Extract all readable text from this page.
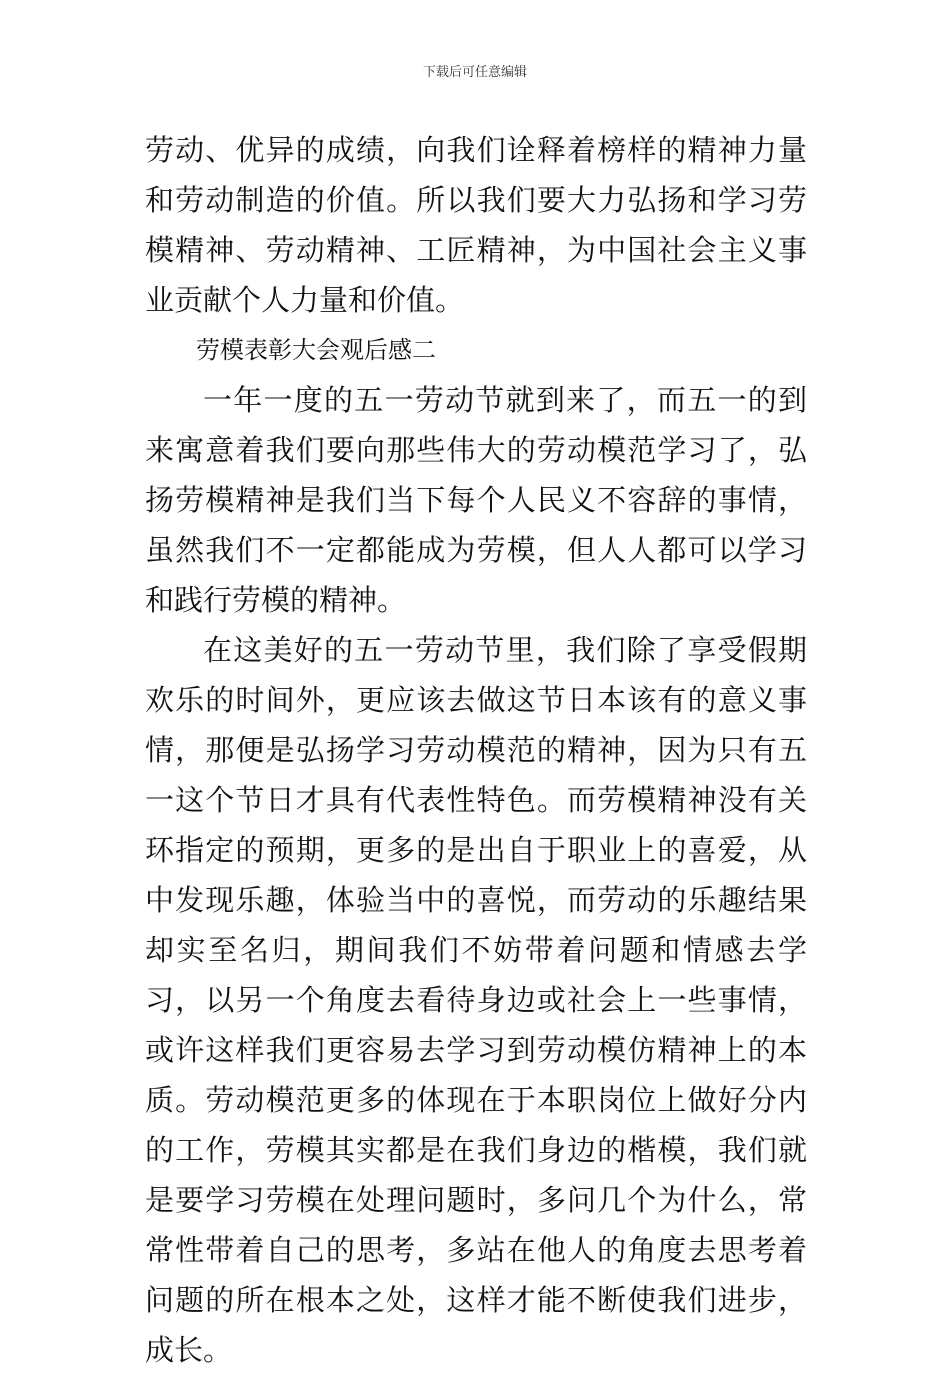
下载后可任意编辑

劳动、优异的成绩，向我们诠释着榜样的精神力量和劳动制造的价值。所以我们要大力弘扬和学习劳模精神、劳动精神、工匠精神，为中国社会主义事业贡献个人力量和价值。

劳模表彰大会观后感二

一年一度的五一劳动节就到来了，而五一的到来寓意着我们要向那些伟大的劳动模范学习了，弘扬劳模精神是我们当下每个人民义不容辞的事情，虽然我们不一定都能成为劳模，但人人都可以学习和践行劳模的精神。

在这美好的五一劳动节里，我们除了享受假期欢乐的时间外，更应该去做这节日本该有的意义事情，那便是弘扬学习劳动模范的精神，因为只有五一这个节日才具有代表性特色。而劳模精神没有关环指定的预期，更多的是出自于职业上的喜爱，从中发现乐趣，体验当中的喜悦，而劳动的乐趣结果却实至名归，期间我们不妨带着问题和情感去学习，以另一个角度去看待身边或社会上一些事情，或许这样我们更容易去学习到劳动模仿精神上的本质。劳动模范更多的体现在于本职岗位上做好分内的工作，劳模其实都是在我们身边的楷模，我们就是要学习劳模在处理问题时，多问几个为什么，常常性带着自己的思考，多站在他人的角度去思考着问题的所在根本之处，这样才能不断使我们进步，成长。
